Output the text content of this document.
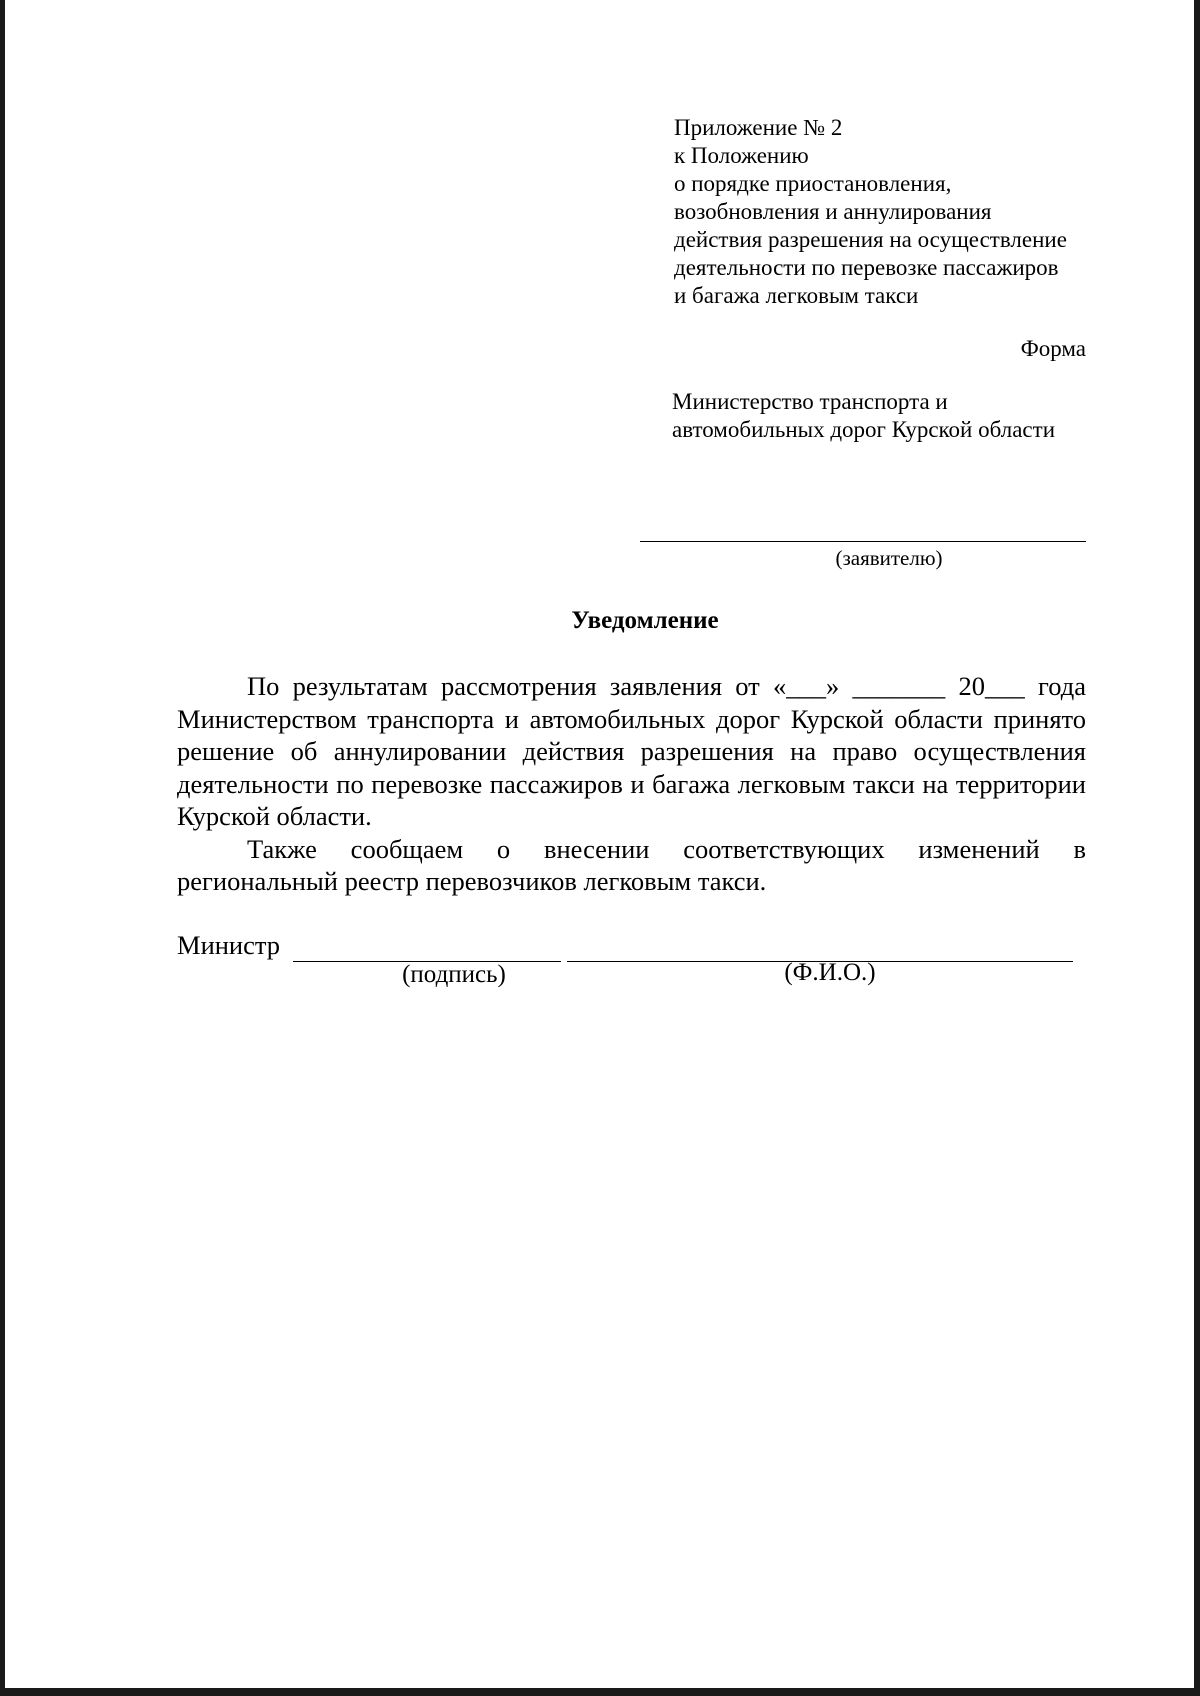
Приложение № 2
к Положению
о порядке приостановления,
возобновления и аннулирования
действия разрешения на осуществление
деятельности по перевозке пассажиров
и багажа легковым такси
Форма
Министерство транспорта и
автомобильных дорог Курской области
(заявителю)
Уведомление

По результатам рассмотрения заявления от «___» _______ 20___ года Министерством транспорта и автомобильных дорог Курской области принято решение об аннулировании действия разрешения на право осуществления деятельности по перевозке пассажиров и багажа легковым такси на территории Курской области.

Также сообщаем о внесении соответствующих изменений в региональный реестр перевозчиков легковым такси.

Министр
(подпись)	(Ф.И.О.)
